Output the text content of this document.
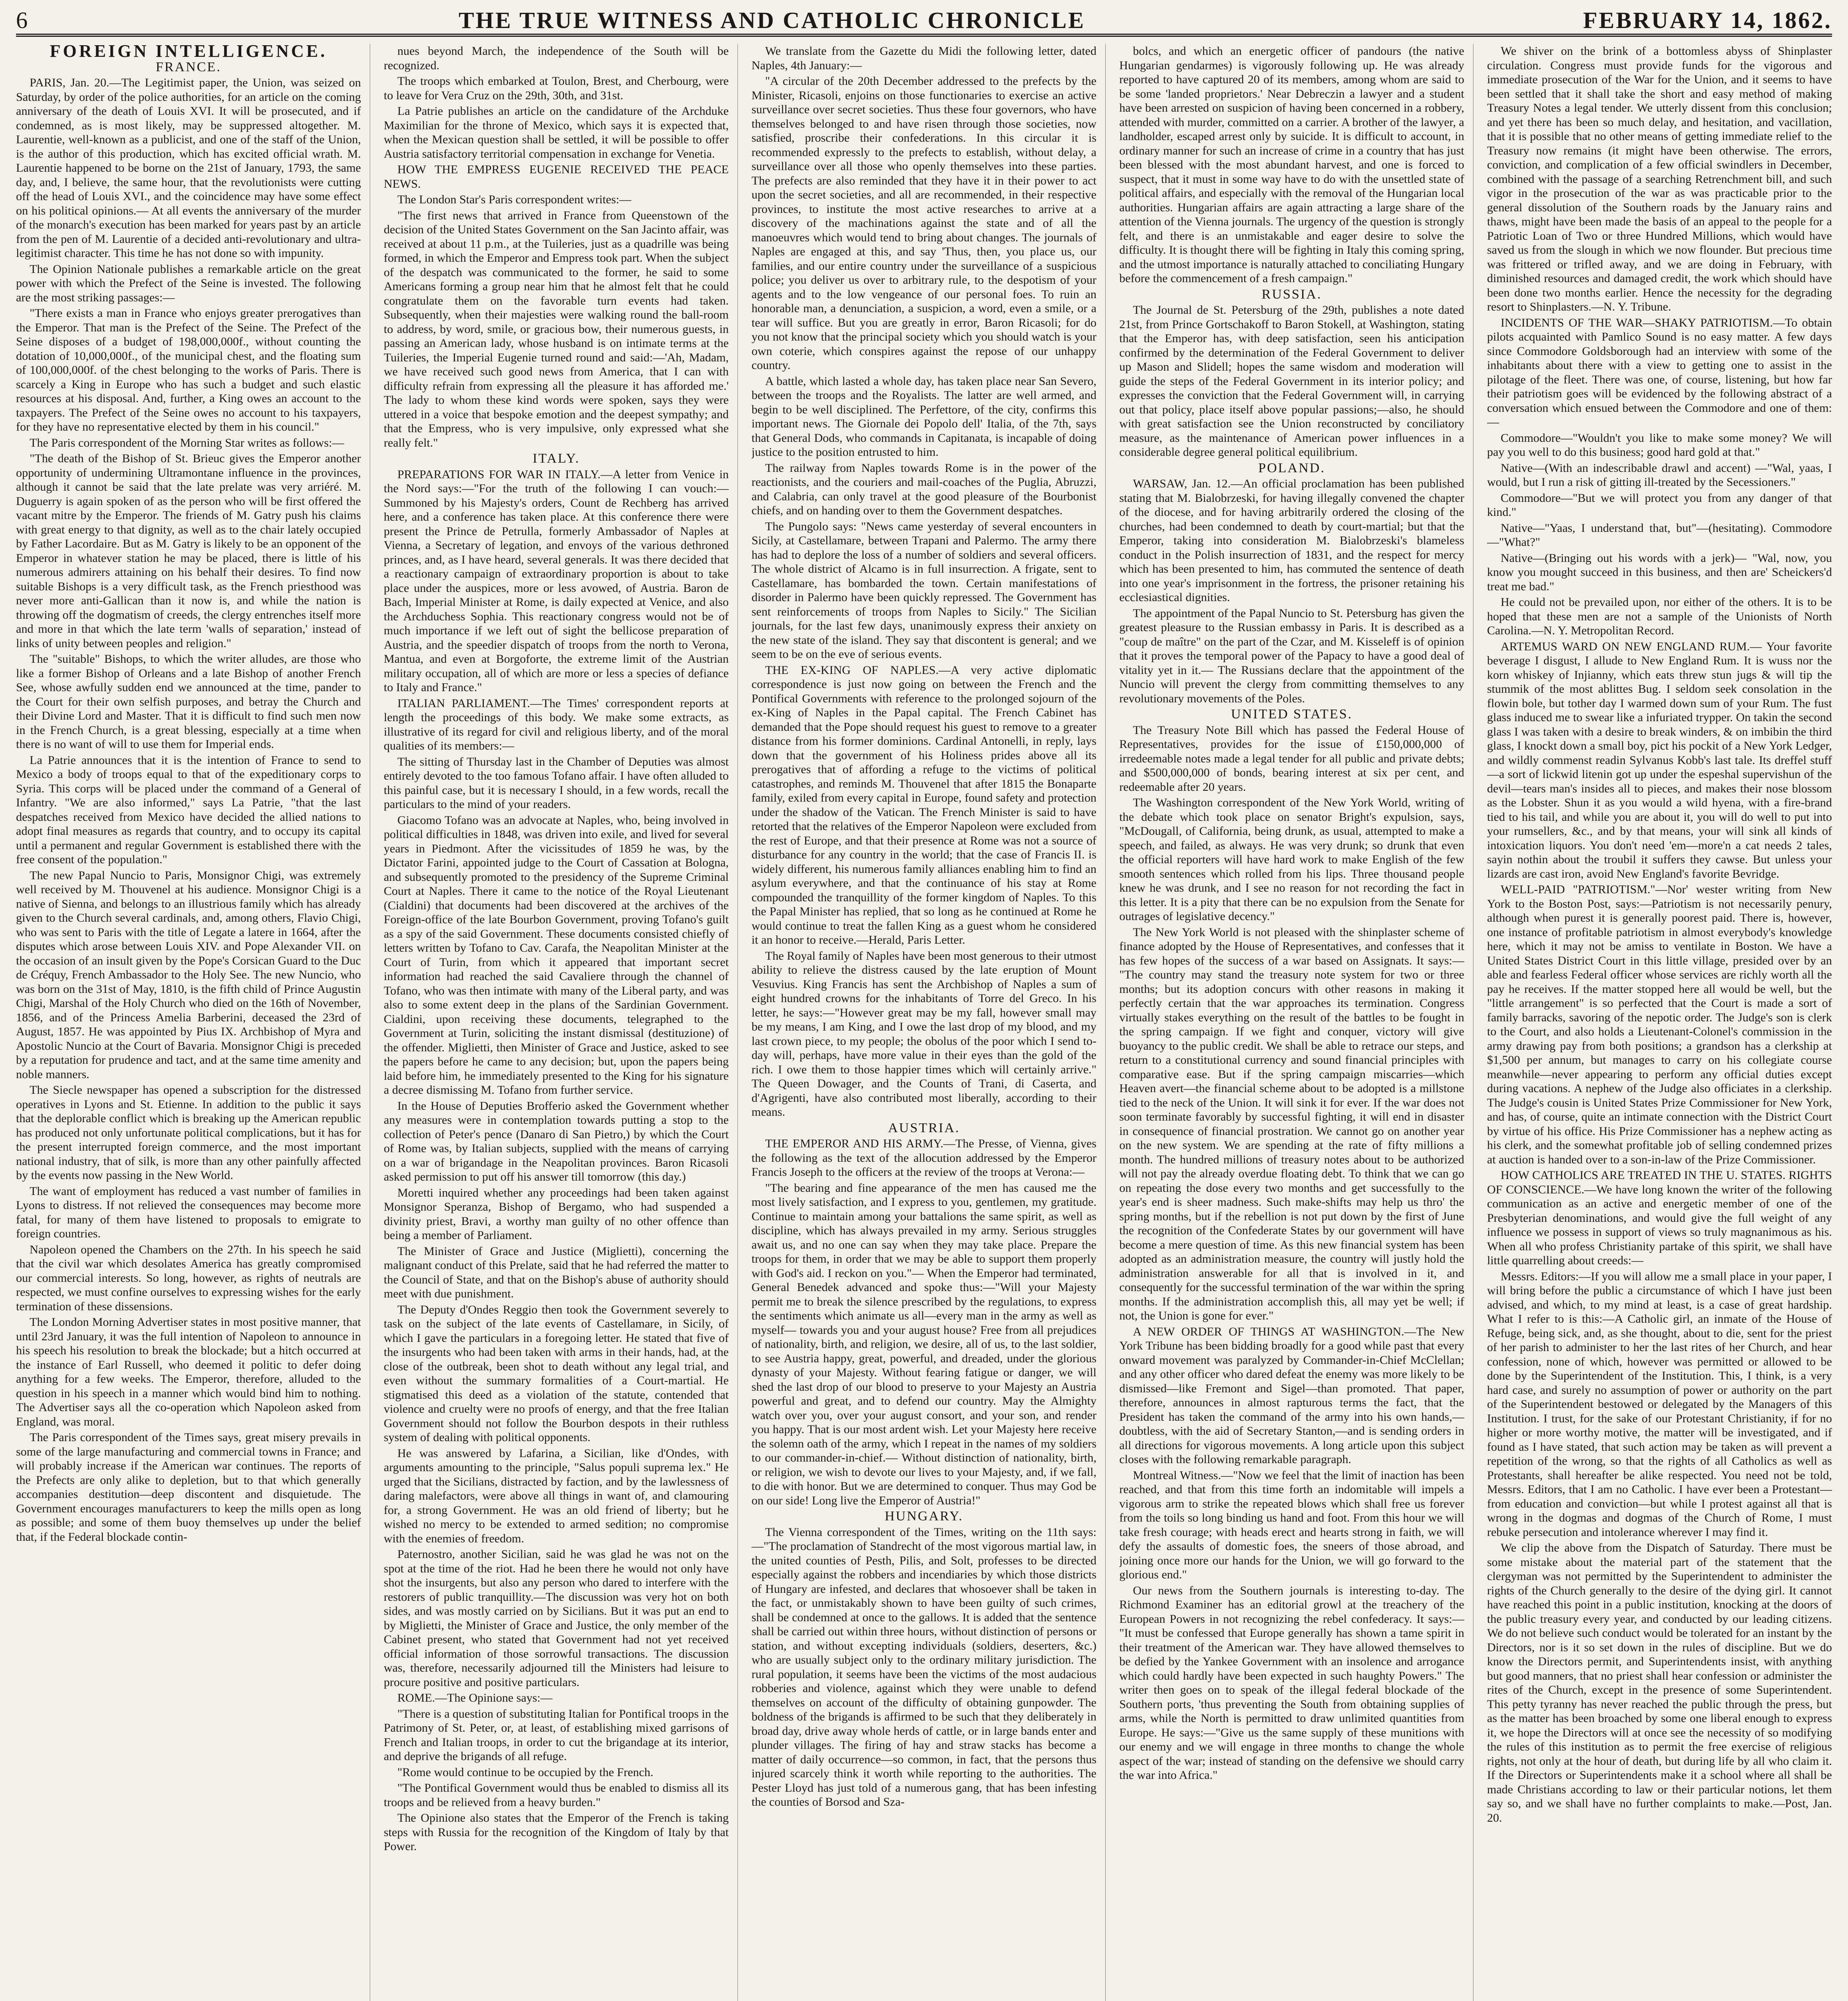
6	THE TRUE WITNESS AND CATHOLIC CHRONICLE	FEBRUARY 14, 1862.

FOREIGN INTELLIGENCE.

FRANCE.

PARIS, Jan. 20.—The Legitimist paper, the Union, was seized on Saturday, by order of the police authorities, for an article on the coming anniversary of the death of Louis XVI. It will be prosecuted, and if condemned, as is most likely, may be suppressed altogether. M. Laurentie, well-known as a publicist, and one of the staff of the Union, is the author of this production, which has excited official wrath. M. Laurentie happened to be borne on the 21st of January, 1793, the same day, and, I believe, the same hour, that the revolutionists were cutting off the head of Louis XVI., and the coincidence may have some effect on his political opinions.— At all events the anniversary of the murder of the monarch's execution has been marked for years past by an article from the pen of M. Laurentie of a decided anti-revolutionary and ultra-legitimist character. This time he has not done so with impunity.

The Opinion Nationale publishes a remarkable article on the great power with which the Prefect of the Seine is invested. The following are the most striking passages:—

"There exists a man in France who enjoys greater prerogatives than the Emperor. That man is the Prefect of the Seine. The Prefect of the Seine disposes of a budget of 198,000,000f., without counting the dotation of 10,000,000f., of the municipal chest, and the floating sum of 100,000,000f. of the chest belonging to the works of Paris. There is scarcely a King in Europe who has such a budget and such elastic resources at his disposal. And, further, a King owes an account to the taxpayers. The Prefect of the Seine owes no account to his taxpayers, for they have no representative elected by them in his council."

The Paris correspondent of the Morning Star writes as follows:—

"The death of the Bishop of St. Brieuc gives the Emperor another opportunity of undermining Ultramontane influence in the provinces, although it cannot be said that the late prelate was very arriéré. M. Duguerry is again spoken of as the person who will be first offered the vacant mitre by the Emperor. The friends of M. Gatry push his claims with great energy to that dignity, as well as to the chair lately occupied by Father Lacordaire. But as M. Gatry is likely to be an opponent of the Emperor in whatever station he may be placed, there is little of his numerous admirers attaining on his behalf their desires. To find now suitable Bishops is a very difficult task, as the French priesthood was never more anti-Gallican than it now is, and while the nation is throwing off the dogmatism of creeds, the clergy entrenches itself more and more in that which the late term 'walls of separation,' instead of links of unity between peoples and religion."

The "suitable" Bishops, to which the writer alludes, are those who like a former Bishop of Orleans and a late Bishop of another French See, whose awfully sudden end we announced at the time, pander to the Court for their own selfish purposes, and betray the Church and their Divine Lord and Master. That it is difficult to find such men now in the French Church, is a great blessing, especially at a time when there is no want of will to use them for Imperial ends.

La Patrie announces that it is the intention of France to send to Mexico a body of troops equal to that of the expeditionary corps to Syria. This corps will be placed under the command of a General of Infantry. "We are also informed," says La Patrie, "that the last despatches received from Mexico have decided the allied nations to adopt final measures as regards that country, and to occupy its capital until a permanent and regular Government is established there with the free consent of the population."

The new Papal Nuncio to Paris, Monsignor Chigi, was extremely well received by M. Thouvenel at his audience. Monsignor Chigi is a native of Sienna, and belongs to an illustrious family which has already given to the Church several cardinals, and, among others, Flavio Chigi, who was sent to Paris with the title of Legate a latere in 1664, after the disputes which arose between Louis XIV. and Pope Alexander VII. on the occasion of an insult given by the Pope's Corsican Guard to the Duc de Créquy, French Ambassador to the Holy See. The new Nuncio, who was born on the 31st of May, 1810, is the fifth child of Prince Augustin Chigi, Marshal of the Holy Church who died on the 16th of November, 1856, and of the Princess Amelia Barberini, deceased the 23rd of August, 1857. He was appointed by Pius IX. Archbishop of Myra and Apostolic Nuncio at the Court of Bavaria. Monsignor Chigi is preceded by a reputation for prudence and tact, and at the same time amenity and noble manners.

The Siecle newspaper has opened a subscription for the distressed operatives in Lyons and St. Etienne. In addition to the public it says that the deplorable conflict which is breaking up the American republic has produced not only unfortunate political complications, but it has for the present interrupted foreign commerce, and the most important national industry, that of silk, is more than any other painfully affected by the events now passing in the New World.

The want of employment has reduced a vast number of families in Lyons to distress. If not relieved the consequences may become more fatal, for many of them have listened to proposals to emigrate to foreign countries.

Napoleon opened the Chambers on the 27th. In his speech he said that the civil war which desolates America has greatly compromised our commercial interests. So long, however, as rights of neutrals are respected, we must confine ourselves to expressing wishes for the early termination of these dissensions.

The London Morning Advertiser states in most positive manner, that until 23rd January, it was the full intention of Napoleon to announce in his speech his resolution to break the blockade; but a hitch occurred at the instance of Earl Russell, who deemed it politic to defer doing anything for a few weeks. The Emperor, therefore, alluded to the question in his speech in a manner which would bind him to nothing. The Advertiser says all the co-operation which Napoleon asked from England, was moral.

The Paris correspondent of the Times says, great misery prevails in some of the large manufacturing and commercial towns in France; and will probably increase if the American war continues. The reports of the Prefects are only alike to depletion, but to that which generally accompanies destitution—deep discontent and disquietude. The Government encourages manufacturers to keep the mills open as long as possible; and some of them buoy themselves up under the belief that, if the Federal blockade contin-

nues beyond March, the independence of the South will be recognized.

The troops which embarked at Toulon, Brest, and Cherbourg, were to leave for Vera Cruz on the 29th, 30th, and 31st.

La Patrie publishes an article on the candidature of the Archduke Maximilian for the throne of Mexico, which says it is expected that, when the Mexican question shall be settled, it will be possible to offer Austria satisfactory territorial compensation in exchange for Venetia.

HOW THE EMPRESS EUGENIE RECEIVED THE PEACE NEWS.

The London Star's Paris correspondent writes:—

"The first news that arrived in France from Queenstown of the decision of the United States Government on the San Jacinto affair, was received at about 11 p.m., at the Tuileries, just as a quadrille was being formed, in which the Emperor and Empress took part. When the subject of the despatch was communicated to the former, he said to some Americans forming a group near him that he almost felt that he could congratulate them on the favorable turn events had taken. Subsequently, when their majesties were walking round the ball-room to address, by word, smile, or gracious bow, their numerous guests, in passing an American lady, whose husband is on intimate terms at the Tuileries, the Imperial Eugenie turned round and said:—'Ah, Madam, we have received such good news from America, that I can with difficulty refrain from expressing all the pleasure it has afforded me.' The lady to whom these kind words were spoken, says they were uttered in a voice that bespoke emotion and the deepest sympathy; and that the Empress, who is very impulsive, only expressed what she really felt."

ITALY.

PREPARATIONS FOR WAR IN ITALY.—A letter from Venice in the Nord says:—"For the truth of the following I can vouch:—Summoned by his Majesty's orders, Count de Rechberg has arrived here, and a conference has taken place. At this conference there were present the Prince de Petrulla, formerly Ambassador of Naples at Vienna, a Secretary of legation, and envoys of the various dethroned princes, and, as I have heard, several generals. It was there decided that a reactionary campaign of extraordinary proportion is about to take place under the auspices, more or less avowed, of Austria. Baron de Bach, Imperial Minister at Rome, is daily expected at Venice, and also the Archduchess Sophia. This reactionary congress would not be of much importance if we left out of sight the bellicose preparation of Austria, and the speedier dispatch of troops from the north to Verona, Mantua, and even at Borgoforte, the extreme limit of the Austrian military occupation, all of which are more or less a species of defiance to Italy and France."

ITALIAN PARLIAMENT.—The Times' correspondent reports at length the proceedings of this body. We make some extracts, as illustrative of its regard for civil and religious liberty, and of the moral qualities of its members:—

The sitting of Thursday last in the Chamber of Deputies was almost entirely devoted to the too famous Tofano affair. I have often alluded to this painful case, but it is necessary I should, in a few words, recall the particulars to the mind of your readers.

Giacomo Tofano was an advocate at Naples, who, being involved in political difficulties in 1848, was driven into exile, and lived for several years in Piedmont. After the vicissitudes of 1859 he was, by the Dictator Farini, appointed judge to the Court of Cassation at Bologna, and subsequently promoted to the presidency of the Supreme Criminal Court at Naples. There it came to the notice of the Royal Lieutenant (Cialdini) that documents had been discovered at the archives of the Foreign-office of the late Bourbon Government, proving Tofano's guilt as a spy of the said Government. These documents consisted chiefly of letters written by Tofano to Cav. Carafa, the Neapolitan Minister at the Court of Turin, from which it appeared that important secret information had reached the said Cavaliere through the channel of Tofano, who was then intimate with many of the Liberal party, and was also to some extent deep in the plans of the Sardinian Government. Cialdini, upon receiving these documents, telegraphed to the Government at Turin, soliciting the instant dismissal (destituzione) of the offender. Miglietti, then Minister of Grace and Justice, asked to see the papers before he came to any decision; but, upon the papers being laid before him, he immediately presented to the King for his signature a decree dismissing M. Tofano from further service.

In the House of Deputies Brofferio asked the Government whether any measures were in contemplation towards putting a stop to the collection of Peter's pence (Danaro di San Pietro,) by which the Court of Rome was, by Italian subjects, supplied with the means of carrying on a war of brigandage in the Neapolitan provinces. Baron Ricasoli asked permission to put off his answer till tomorrow (this day.)

Moretti inquired whether any proceedings had been taken against Monsignor Speranza, Bishop of Bergamo, who had suspended a divinity priest, Bravi, a worthy man guilty of no other offence than being a member of Parliament.

The Minister of Grace and Justice (Miglietti), concerning the malignant conduct of this Prelate, said that he had referred the matter to the Council of State, and that on the Bishop's abuse of authority should meet with due punishment.

The Deputy d'Ondes Reggio then took the Government severely to task on the subject of the late events of Castellamare, in Sicily, of which I gave the particulars in a foregoing letter. He stated that five of the insurgents who had been taken with arms in their hands, had, at the close of the outbreak, been shot to death without any legal trial, and even without the summary formalities of a Court-martial. He stigmatised this deed as a violation of the statute, contended that violence and cruelty were no proofs of energy, and that the free Italian Government should not follow the Bourbon despots in their ruthless system of dealing with political opponents.

He was answered by Lafarina, a Sicilian, like d'Ondes, with arguments amounting to the principle, "Salus populi suprema lex." He urged that the Sicilians, distracted by faction, and by the lawlessness of daring malefactors, were above all things in want of, and clamouring for, a strong Government. He was an old friend of liberty; but he wished no mercy to be extended to armed sedition; no compromise with the enemies of freedom.

Paternostro, another Sicilian, said he was glad he was not on the spot at the time of the riot. Had he been there he would not only have shot the insurgents, but also any person who dared to interfere with the restorers of public tranquillity.—The discussion was very hot on both sides, and was mostly carried on by Sicilians. But it was put an end to by Miglietti, the Minister of Grace and Justice, the only member of the Cabinet present, who stated that Government had not yet received official information of those sorrowful transactions. The discussion was, therefore, necessarily adjourned till the Ministers had leisure to procure positive and positive particulars.

ROME.—The Opinione says:—

"There is a question of substituting Italian for Pontifical troops in the Patrimony of St. Peter, or, at least, of establishing mixed garrisons of French and Italian troops, in order to cut the brigandage at its interior, and deprive the brigands of all refuge.

"Rome would continue to be occupied by the French.

"The Pontifical Government would thus be enabled to dismiss all its troops and be relieved from a heavy burden."

The Opinione also states that the Emperor of the French is taking steps with Russia for the recognition of the Kingdom of Italy by that Power.

We translate from the Gazette du Midi the following letter, dated Naples, 4th January:—

"A circular of the 20th December addressed to the prefects by the Minister, Ricasoli, enjoins on those functionaries to exercise an active surveillance over secret societies. Thus these four governors, who have themselves belonged to and have risen through those societies, now satisfied, proscribe their confederations. In this circular it is recommended expressly to the prefects to establish, without delay, a surveillance over all those who openly themselves into these parties. The prefects are also reminded that they have it in their power to act upon the secret societies, and all are recommended, in their respective provinces, to institute the most active researches to arrive at a discovery of the machinations against the state and of all the manoeuvres which would tend to bring about changes. The journals of Naples are engaged at this, and say 'Thus, then, you place us, our families, and our entire country under the surveillance of a suspicious police; you deliver us over to arbitrary rule, to the despotism of your agents and to the low vengeance of our personal foes. To ruin an honorable man, a denunciation, a suspicion, a word, even a smile, or a tear will suffice. But you are greatly in error, Baron Ricasoli; for do you not know that the principal society which you should watch is your own coterie, which conspires against the repose of our unhappy country.

A battle, which lasted a whole day, has taken place near San Severo, between the troops and the Royalists. The latter are well armed, and begin to be well disciplined. The Perfettore, of the city, confirms this important news. The Giornale dei Popolo dell' Italia, of the 7th, says that General Dods, who commands in Capitanata, is incapable of doing justice to the position entrusted to him.

The railway from Naples towards Rome is in the power of the reactionists, and the couriers and mail-coaches of the Puglia, Abruzzi, and Calabria, can only travel at the good pleasure of the Bourbonist chiefs, and on handing over to them the Government despatches.

The Pungolo says: "News came yesterday of several encounters in Sicily, at Castellamare, between Trapani and Palermo. The army there has had to deplore the loss of a number of soldiers and several officers. The whole district of Alcamo is in full insurrection. A frigate, sent to Castellamare, has bombarded the town. Certain manifestations of disorder in Palermo have been quickly repressed. The Government has sent reinforcements of troops from Naples to Sicily." The Sicilian journals, for the last few days, unanimously express their anxiety on the new state of the island. They say that discontent is general; and we seem to be on the eve of serious events.

THE EX-KING OF NAPLES.—A very active diplomatic correspondence is just now going on between the French and the Pontifical Governments with reference to the prolonged sojourn of the ex-King of Naples in the Papal capital. The French Cabinet has demanded that the Pope should request his guest to remove to a greater distance from his former dominions. Cardinal Antonelli, in reply, lays down that the government of his Holiness prides above all its prerogatives that of affording a refuge to the victims of political catastrophes, and reminds M. Thouvenel that after 1815 the Bonaparte family, exiled from every capital in Europe, found safety and protection under the shadow of the Vatican. The French Minister is said to have retorted that the relatives of the Emperor Napoleon were excluded from the rest of Europe, and that their presence at Rome was not a source of disturbance for any country in the world; that the case of Francis II. is widely different, his numerous family alliances enabling him to find an asylum everywhere, and that the continuance of his stay at Rome compounded the tranquillity of the former kingdom of Naples. To this the Papal Minister has replied, that so long as he continued at Rome he would continue to treat the fallen King as a guest whom he considered it an honor to receive.—Herald, Paris Letter.

The Royal family of Naples have been most generous to their utmost ability to relieve the distress caused by the late eruption of Mount Vesuvius. King Francis has sent the Archbishop of Naples a sum of eight hundred crowns for the inhabitants of Torre del Greco. In his letter, he says:—"However great may be my fall, however small may be my means, I am King, and I owe the last drop of my blood, and my last crown piece, to my people; the obolus of the poor which I send to-day will, perhaps, have more value in their eyes than the gold of the rich. I owe them to those happier times which will certainly arrive." The Queen Dowager, and the Counts of Trani, di Caserta, and d'Agrigenti, have also contributed most liberally, according to their means.

AUSTRIA.

THE EMPEROR AND HIS ARMY.—The Presse, of Vienna, gives the following as the text of the allocution addressed by the Emperor Francis Joseph to the officers at the review of the troops at Verona:—

"The bearing and fine appearance of the men has caused me the most lively satisfaction, and I express to you, gentlemen, my gratitude. Continue to maintain among your battalions the same spirit, as well as discipline, which has always prevailed in my army. Serious struggles await us, and no one can say when they may take place. Prepare the troops for them, in order that we may be able to support them properly with God's aid. I reckon on you."— When the Emperor had terminated, General Benedek advanced and spoke thus:—"Will your Majesty permit me to break the silence prescribed by the regulations, to express the sentiments which animate us all—every man in the army as well as myself— towards you and your august house? Free from all prejudices of nationality, birth, and religion, we desire, all of us, to the last soldier, to see Austria happy, great, powerful, and dreaded, under the glorious dynasty of your Majesty. Without fearing fatigue or danger, we will shed the last drop of our blood to preserve to your Majesty an Austria powerful and great, and to defend our country. May the Almighty watch over you, over your august consort, and your son, and render you happy. That is our most ardent wish. Let your Majesty here receive the solemn oath of the army, which I repeat in the names of my soldiers to our commander-in-chief.— Without distinction of nationality, birth, or religion, we wish to devote our lives to your Majesty, and, if we fall, to die with honor. But we are determined to conquer. Thus may God be on our side! Long live the Emperor of Austria!"

HUNGARY.

The Vienna correspondent of the Times, writing on the 11th says:—"The proclamation of Standrecht of the most vigorous martial law, in the united counties of Pesth, Pilis, and Solt, professes to be directed especially against the robbers and incendiaries by which those districts of Hungary are infested, and declares that whosoever shall be taken in the fact, or unmistakably shown to have been guilty of such crimes, shall be condemned at once to the gallows. It is added that the sentence shall be carried out within three hours, without distinction of persons or station, and without excepting individuals (soldiers, deserters, &c.) who are usually subject only to the ordinary military jurisdiction. The rural population, it seems have been the victims of the most audacious robberies and violence, against which they were unable to defend themselves on account of the difficulty of obtaining gunpowder. The boldness of the brigands is affirmed to be such that they deliberately in broad day, drive away whole herds of cattle, or in large bands enter and plunder villages. The firing of hay and straw stacks has become a matter of daily occurrence—so common, in fact, that the persons thus injured scarcely think it worth while reporting to the authorities. The Pester Lloyd has just told of a numerous gang, that has been infesting the counties of Borsod and Sza-

bolcs, and which an energetic officer of pandours (the native Hungarian gendarmes) is vigorously following up. He was already reported to have captured 20 of its members, among whom are said to be some 'landed proprietors.' Near Debreczin a lawyer and a student have been arrested on suspicion of having been concerned in a robbery, attended with murder, committed on a carrier. A brother of the lawyer, a landholder, escaped arrest only by suicide. It is difficult to account, in ordinary manner for such an increase of crime in a country that has just been blessed with the most abundant harvest, and one is forced to suspect, that it must in some way have to do with the unsettled state of political affairs, and especially with the removal of the Hungarian local authorities. Hungarian affairs are again attracting a large share of the attention of the Vienna journals. The urgency of the question is strongly felt, and there is an unmistakable and eager desire to solve the difficulty. It is thought there will be fighting in Italy this coming spring, and the utmost importance is naturally attached to conciliating Hungary before the commencement of a fresh campaign."

RUSSIA.

The Journal de St. Petersburg of the 29th, publishes a note dated 21st, from Prince Gortschakoff to Baron Stokell, at Washington, stating that the Emperor has, with deep satisfaction, seen his anticipation confirmed by the determination of the Federal Government to deliver up Mason and Slidell; hopes the same wisdom and moderation will guide the steps of the Federal Government in its interior policy; and expresses the conviction that the Federal Government will, in carrying out that policy, place itself above popular passions;—also, he should with great satisfaction see the Union reconstructed by conciliatory measure, as the maintenance of American power influences in a considerable degree general political equilibrium.

POLAND.

WARSAW, Jan. 12.—An official proclamation has been published stating that M. Bialobrzeski, for having illegally convened the chapter of the diocese, and for having arbitrarily ordered the closing of the churches, had been condemned to death by court-martial; but that the Emperor, taking into consideration M. Bialobrzeski's blameless conduct in the Polish insurrection of 1831, and the respect for mercy which has been presented to him, has commuted the sentence of death into one year's imprisonment in the fortress, the prisoner retaining his ecclesiastical dignities.

The appointment of the Papal Nuncio to St. Petersburg has given the greatest pleasure to the Russian embassy in Paris. It is described as a "coup de maître" on the part of the Czar, and M. Kisseleff is of opinion that it proves the temporal power of the Papacy to have a good deal of vitality yet in it.— The Russians declare that the appointment of the Nuncio will prevent the clergy from committing themselves to any revolutionary movements of the Poles.

UNITED STATES.

The Treasury Note Bill which has passed the Federal House of Representatives, provides for the issue of £150,000,000 of irredeemable notes made a legal tender for all public and private debts; and $500,000,000 of bonds, bearing interest at six per cent, and redeemable after 20 years.

The Washington correspondent of the New York World, writing of the debate which took place on senator Bright's expulsion, says, "McDougall, of California, being drunk, as usual, attempted to make a speech, and failed, as always. He was very drunk; so drunk that even the official reporters will have hard work to make English of the few smooth sentences which rolled from his lips. Three thousand people knew he was drunk, and I see no reason for not recording the fact in this letter. It is a pity that there can be no expulsion from the Senate for outrages of legislative decency."

The New York World is not pleased with the shinplaster scheme of finance adopted by the House of Representatives, and confesses that it has few hopes of the success of a war based on Assignats. It says:— "The country may stand the treasury note system for two or three months; but its adoption concurs with other reasons in making it perfectly certain that the war approaches its termination. Congress virtually stakes everything on the result of the battles to be fought in the spring campaign. If we fight and conquer, victory will give buoyancy to the public credit. We shall be able to retrace our steps, and return to a constitutional currency and sound financial principles with comparative ease. But if the spring campaign miscarries—which Heaven avert—the financial scheme about to be adopted is a millstone tied to the neck of the Union. It will sink it for ever. If the war does not soon terminate favorably by successful fighting, it will end in disaster in consequence of financial prostration. We cannot go on another year on the new system. We are spending at the rate of fifty millions a month. The hundred millions of treasury notes about to be authorized will not pay the already overdue floating debt. To think that we can go on repeating the dose every two months and get successfully to the year's end is sheer madness. Such make-shifts may help us thro' the spring months, but if the rebellion is not put down by the first of June the recognition of the Confederate States by our government will have become a mere question of time. As this new financial system has been adopted as an administration measure, the country will justly hold the administration answerable for all that is involved in it, and consequently for the successful termination of the war within the spring months. If the administration accomplish this, all may yet be well; if not, the Union is gone for ever."

A NEW ORDER OF THINGS AT WASHINGTON.—The New York Tribune has been bidding broadly for a good while past that every onward movement was paralyzed by Commander-in-Chief McClellan; and any other officer who dared defeat the enemy was more likely to be dismissed—like Fremont and Sigel—than promoted. That paper, therefore, announces in almost rapturous terms the fact, that the President has taken the command of the army into his own hands,—doubtless, with the aid of Secretary Stanton,—and is sending orders in all directions for vigorous movements. A long article upon this subject closes with the following remarkable paragraph.

Montreal Witness.—"Now we feel that the limit of inaction has been reached, and that from this time forth an indomitable will impels a vigorous arm to strike the repeated blows which shall free us forever from the toils so long binding us hand and foot. From this hour we will take fresh courage; with heads erect and hearts strong in faith, we will defy the assaults of domestic foes, the sneers of those abroad, and joining once more our hands for the Union, we will go forward to the glorious end."

Our news from the Southern journals is interesting to-day. The Richmond Examiner has an editorial growl at the treachery of the European Powers in not recognizing the rebel confederacy. It says:— "It must be confessed that Europe generally has shown a tame spirit in their treatment of the American war. They have allowed themselves to be defied by the Yankee Government with an insolence and arrogance which could hardly have been expected in such haughty Powers." The writer then goes on to speak of the illegal federal blockade of the Southern ports, 'thus preventing the South from obtaining supplies of arms, while the North is permitted to draw unlimited quantities from Europe. He says:—"Give us the same supply of these munitions with our enemy and we will engage in three months to change the whole aspect of the war; instead of standing on the defensive we should carry the war into Africa."

We shiver on the brink of a bottomless abyss of Shinplaster circulation. Congress must provide funds for the vigorous and immediate prosecution of the War for the Union, and it seems to have been settled that it shall take the short and easy method of making Treasury Notes a legal tender. We utterly dissent from this conclusion; and yet there has been so much delay, and hesitation, and vacillation, that it is possible that no other means of getting immediate relief to the Treasury now remains (it might have been otherwise. The errors, conviction, and complication of a few official swindlers in December, combined with the passage of a searching Retrenchment bill, and such vigor in the prosecution of the war as was practicable prior to the general dissolution of the Southern roads by the January rains and thaws, might have been made the basis of an appeal to the people for a Patriotic Loan of Two or three Hundred Millions, which would have saved us from the slough in which we now flounder. But precious time was frittered or trifled away, and we are doing in February, with diminished resources and damaged credit, the work which should have been done two months earlier. Hence the necessity for the degrading resort to Shinplasters.—N. Y. Tribune.

INCIDENTS OF THE WAR—SHAKY PATRIOTISM.—To obtain pilots acquainted with Pamlico Sound is no easy matter. A few days since Commodore Goldsborough had an interview with some of the inhabitants about there with a view to getting one to assist in the pilotage of the fleet. There was one, of course, listening, but how far their patriotism goes will be evidenced by the following abstract of a conversation which ensued between the Commodore and one of them:—

Commodore—"Wouldn't you like to make some money? We will pay you well to do this business; good hard gold at that."

Native—(With an indescribable drawl and accent) —"Wal, yaas, I would, but I run a risk of gitting ill-treated by the Secessioners."

Commodore—"But we will protect you from any danger of that kind."

Native—"Yaas, I understand that, but"—(hesitating). Commodore—"What?"

Native—(Bringing out his words with a jerk)— "Wal, now, you know you mought succeed in this business, and then are' Scheickers'd treat me bad."

He could not be prevailed upon, nor either of the others. It is to be hoped that these men are not a sample of the Unionists of North Carolina.—N. Y. Metropolitan Record.

ARTEMUS WARD ON NEW ENGLAND RUM.— Your favorite beverage I disgust, I allude to New England Rum. It is wuss nor the korn whiskey of Injianny, which eats threw stun jugs & will tip the stummik of the most ablittes Bug. I seldom seek consolation in the flowin bole, but tother day I warmed down sum of your Rum. The fust glass induced me to swear like a infuriated trypper. On takin the second glass I was taken with a desire to break winders, & on imbibin the third glass, I knockt down a small boy, pict his pockit of a New York Ledger, and wildly commenst readin Sylvanus Kobb's last tale. Its dreffel stuff—a sort of lickwid litenin got up under the espeshal supervishun of the devil—tears man's insides all to pieces, and makes their nose blossom as the Lobster. Shun it as you would a wild hyena, with a fire-brand tied to his tail, and while you are about it, you will do well to put into your rumsellers, &c., and by that means, your will sink all kinds of intoxication liquors. You don't need 'em—more'n a cat needs 2 tales, sayin nothin about the troubil it suffers they cawse. But unless your lizards are cast iron, avoid New England's favorite Bevridge.

WELL-PAID "PATRIOTISM."—Nor' wester writing from New York to the Boston Post, says:—Patriotism is not necessarily penury, although when purest it is generally poorest paid. There is, however, one instance of profitable patriotism in almost everybody's knowledge here, which it may not be amiss to ventilate in Boston. We have a United States District Court in this little village, presided over by an able and fearless Federal officer whose services are richly worth all the pay he receives. If the matter stopped here all would be well, but the "little arrangement" is so perfected that the Court is made a sort of family barracks, savoring of the nepotic order. The Judge's son is clerk to the Court, and also holds a Lieutenant-Colonel's commission in the army drawing pay from both positions; a grandson has a clerkship at $1,500 per annum, but manages to carry on his collegiate course meanwhile—never appearing to perform any official duties except during vacations. A nephew of the Judge also officiates in a clerkship. The Judge's cousin is United States Prize Commissioner for New York, and has, of course, quite an intimate connection with the District Court by virtue of his office. His Prize Commissioner has a nephew acting as his clerk, and the somewhat profitable job of selling condemned prizes at auction is handed over to a son-in-law of the Prize Commissioner.

HOW CATHOLICS ARE TREATED IN THE U. STATES. RIGHTS OF CONSCIENCE.—We have long known the writer of the following communication as an active and energetic member of one of the Presbyterian denominations, and would give the full weight of any influence we possess in support of views so truly magnanimous as his. When all who profess Christianity partake of this spirit, we shall have little quarrelling about creeds:—

Messrs. Editors:—If you will allow me a small place in your paper, I will bring before the public a circumstance of which I have just been advised, and which, to my mind at least, is a case of great hardship. What I refer to is this:—A Catholic girl, an inmate of the House of Refuge, being sick, and, as she thought, about to die, sent for the priest of her parish to administer to her the last rites of her Church, and hear confession, none of which, however was permitted or allowed to be done by the Superintendent of the Institution. This, I think, is a very hard case, and surely no assumption of power or authority on the part of the Superintendent bestowed or delegated by the Managers of this Institution. I trust, for the sake of our Protestant Christianity, if for no higher or more worthy motive, the matter will be investigated, and if found as I have stated, that such action may be taken as will prevent a repetition of the wrong, so that the rights of all Catholics as well as Protestants, shall hereafter be alike respected. You need not be told, Messrs. Editors, that I am no Catholic. I have ever been a Protestant—from education and conviction—but while I protest against all that is wrong in the dogmas and dogmas of the Church of Rome, I must rebuke persecution and intolerance wherever I may find it.

We clip the above from the Dispatch of Saturday. There must be some mistake about the material part of the statement that the clergyman was not permitted by the Superintendent to administer the rights of the Church generally to the desire of the dying girl. It cannot have reached this point in a public institution, knocking at the doors of the public treasury every year, and conducted by our leading citizens. We do not believe such conduct would be tolerated for an instant by the Directors, nor is it so set down in the rules of discipline. But we do know the Directors permit, and Superintendents insist, with anything but good manners, that no priest shall hear confession or administer the rites of the Church, except in the presence of some Superintendent. This petty tyranny has never reached the public through the press, but as the matter has been broached by some one liberal enough to express it, we hope the Directors will at once see the necessity of so modifying the rules of this institution as to permit the free exercise of religious rights, not only at the hour of death, but during life by all who claim it. If the Directors or Superintendents make it a school where all shall be made Christians according to law or their particular notions, let them say so, and we shall have no further complaints to make.—Post, Jan. 20.
